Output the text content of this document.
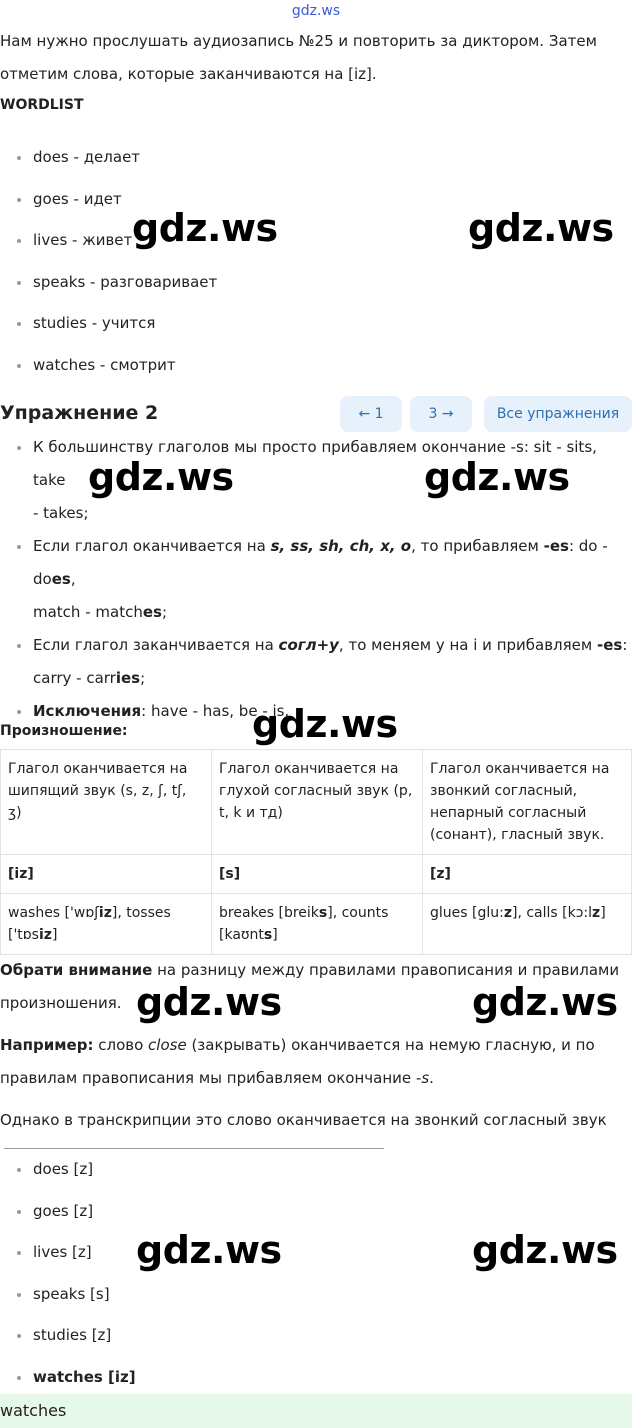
gdz.ws
Нам нужно прослушать аудиозапись №25 и повторить за диктором. Затем
отметим слова, которые заканчиваются на [iz].
WORDLIST
does - делает
goes - идет
lives - живет
speaks - разговаривает
studies - учится
watches - смотрит
К большинству глаголов мы просто прибавляем окончание -s: sit - sits, take
- takes;
Если глагол оканчивается на s, ss, sh, ch, x, o, то прибавляем -es: do - does,
match - matches;
Если глагол заканчивается на согл+y, то меняем y на i и прибавляем -es:
carry - carries;
Исключения: have - has, be - is.
Упражнение 2	← 1	3 →	Все упражнения
Произношение:
Глагол оканчивается на шипящий звук (s, z, ʃ, tʃ, ʒ)	Глагол оканчивается на глухой согласный звук (p, t, k и тд)	Глагол оканчивается на звонкий согласный, непарный согласный (сонант), гласный звук.
[iz]	[s]	[z]
washes ['wɒʃiz], tosses ['tɒsiz]	breakes [breiks], counts [kaʊnts]	glues [glu:z], calls [kɔ:lz]
Обрати внимание на разницу между правилами правописания и правилами
произношения.
Например: слово close (закрывать) оканчивается на немую гласную, и по
правилам правописания мы прибавляем окончание -s.
Однако в транскрипции это слово оканчивается на звонкий согласный звук
does [z]
goes [z]
lives [z]
speaks [s]
studies [z]
watches [iz]
watches
gdz.ws	gdz.ws
gdz.ws	gdz.ws
gdz.ws
gdz.ws	gdz.ws
gdz.ws	gdz.ws
